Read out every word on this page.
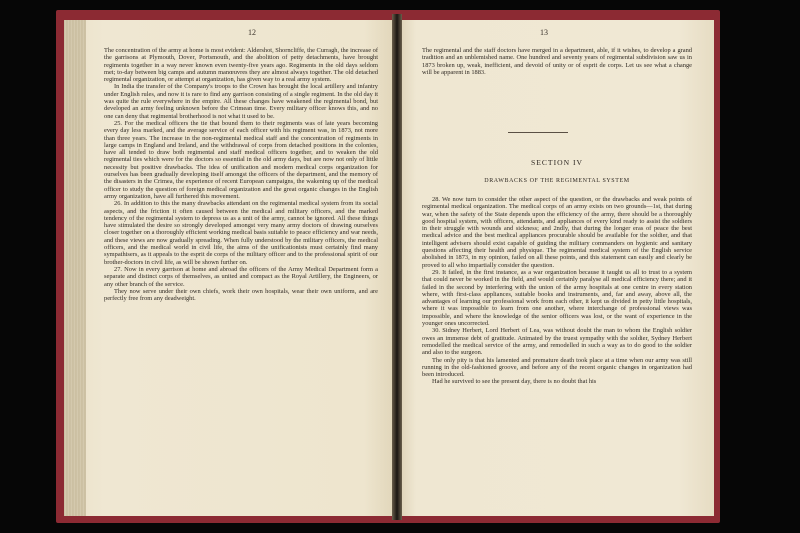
12

The concentration of the army at home is most evident: Aldershot, Shorncliffe, the Curragh, the increase of the garrisons at Plymouth, Dover, Portsmouth, and the abolition of petty detachments, have brought regiments together in a way never known even twenty-five years ago. Regiments in the old days seldom met; to-day between big camps and autumn manœuvres they are almost always together. The old detached regimental organization, or attempt at organization, has given way to a real army system.

In India the transfer of the Company's troops to the Crown has brought the local artillery and infantry under English rules, and now it is rare to find any garrison consisting of a single regiment. In the old day it was quite the rule everywhere in the empire. All these changes have weakened the regimental bond, but developed an army feeling unknown before the Crimean time. Every military officer knows this, and no one can deny that regimental brotherhood is not what it used to be.

25. For the medical officers the tie that bound them to their regiments was of late years becoming every day less marked, and the average service of each officer with his regiment was, in 1873, not more than three years. The increase in the non-regimental medical staff and the concentration of regiments in large camps in England and Ireland, and the withdrawal of corps from detached positions in the colonies, have all tended to draw both regimental and staff medical officers together, and to weaken the old regimental ties which were for the doctors so essential in the old army days, but are now not only of little necessity but positive drawbacks. The idea of unification and modern medical corps organization for ourselves has been gradually developing itself amongst the officers of the department, and the memory of the disasters in the Crimea, the experience of recent European campaigns, the wakening up of the medical officer to study the question of foreign medical organization and the great organic changes in the English army organization, have all furthered this movement.

26. In addition to this the many drawbacks attendant on the regimental medical system from its social aspects, and the friction it often caused between the medical and military officers, and the marked tendency of the regimental system to depress us as a unit of the army, cannot be ignored. All these things have stimulated the desire so strongly developed amongst very many army doctors of drawing ourselves closer together on a thoroughly efficient working medical basis suitable to peace efficiency and war needs, and these views are now gradually spreading. When fully understood by the military officers, the medical officers, and the medical world in civil life, the aims of the unificationists must certainly find many sympathisers, as it appeals to the esprit de corps of the military officer and to the professional spirit of our brother-doctors in civil life, as will be shown further on.

27. Now in every garrison at home and abroad the officers of the Army Medical Department form a separate and distinct corps of themselves, as united and compact as the Royal Artillery, the Engineers, or any other branch of the service.

They now serve under their own chiefs, work their own hospitals, wear their own uniform, and are perfectly free from any deadweight.

13

The regimental and the staff doctors have merged in a department, able, if it wishes, to develop a grand tradition and an unblemished name. One hundred and seventy years of regimental subdivision saw us in 1873 broken up, weak, inefficient, and devoid of unity or of esprit de corps. Let us see what a change will be apparent in 1883.

SECTION IV
DRAWBACKS OF THE REGIMENTAL SYSTEM

28. We now turn to consider the other aspect of the question, or the drawbacks and weak points of regimental medical organization. The medical corps of an army exists on two grounds—1st, that during war, when the safety of the State depends upon the efficiency of the army, there should be a thoroughly good hospital system, with officers, attendants, and appliances of every kind ready to assist the soldiers in their struggle with wounds and sickness; and 2ndly, that during the longer eras of peace the best medical advice and the best medical appliances procurable should be available for the soldier, and that intelligent advisers should exist capable of guiding the military commanders on hygienic and sanitary questions affecting their health and physique. The regimental medical system of the English service abolished in 1873, in my opinion, failed on all these points, and this statement can easily and clearly be proved to all who impartially consider the question.

29. It failed, in the first instance, as a war organization because it taught us all to trust to a system that could never be worked in the field, and would certainly paralyse all medical efficiency there; and it failed in the second by interfering with the union of the army hospitals at one centre in every station where, with first-class appliances, suitable books and instruments, and, far and away, above all, the advantages of learning our professional work from each other, it kept us divided in petty little hospitals, where it was impossible to learn from one another, where interchange of professional views was impossible, and where the knowledge of the senior officers was lost, or the want of experience in the younger ones uncorrected.

30. Sidney Herbert, Lord Herbert of Lea, was without doubt the man to whom the English soldier owes an immense debt of gratitude. Animated by the truest sympathy with the soldier, Sydney Herbert remodelled the medical service of the army, and remodelled in such a way as to do good to the soldier and also to the surgeon.

The only pity is that his lamented and premature death took place at a time when our army was still running in the old-fashioned groove, and before any of the recent organic changes in organization had been introduced.

Had he survived to see the present day, there is no doubt that his
